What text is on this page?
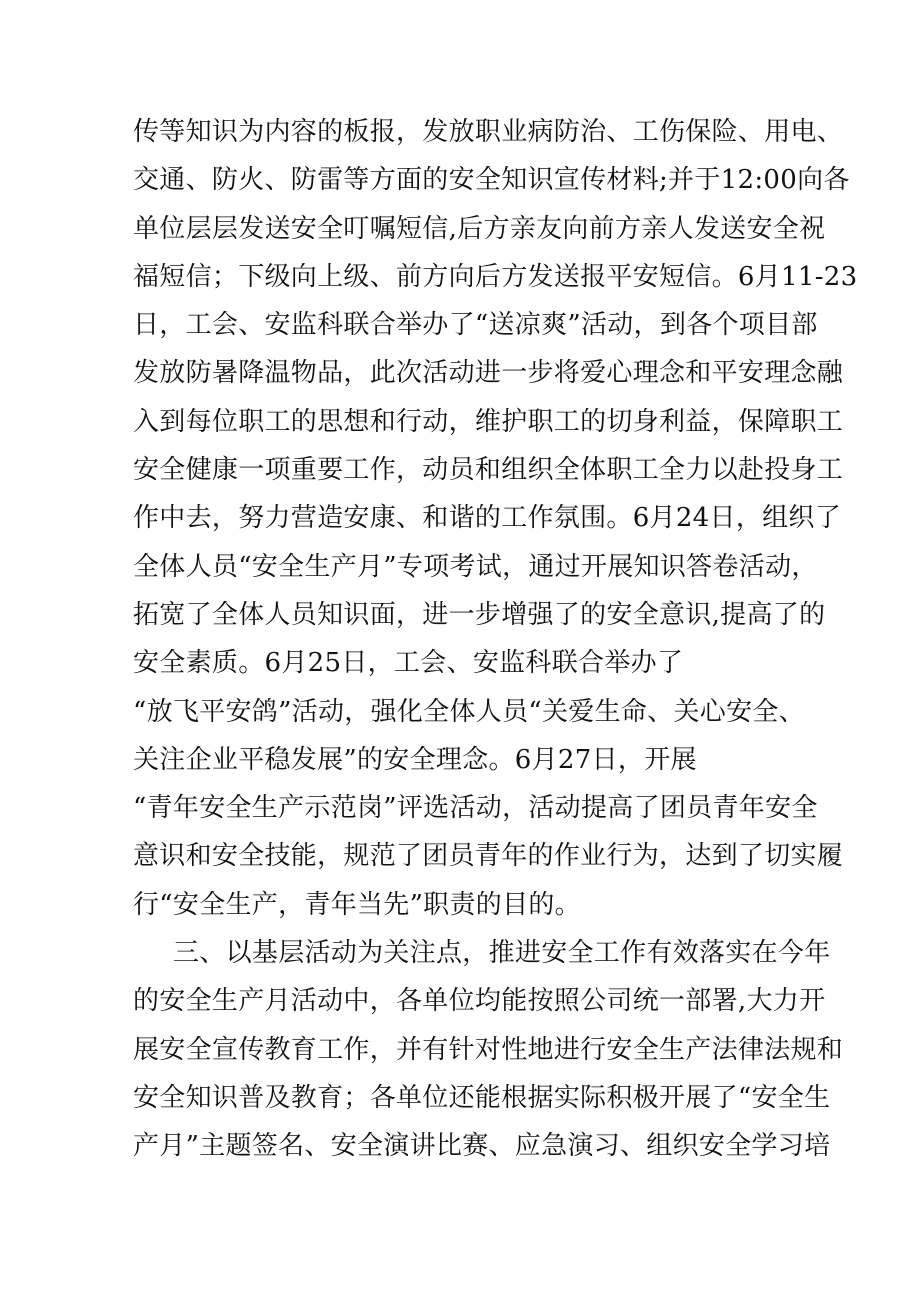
传等知识为内容的板报，发放职业病防治、工伤保险、用电、
交通、防火、防雷等方面的安全知识宣传材料;并于12:00向各
单位层层发送安全叮嘱短信,后方亲友向前方亲人发送安全祝
福短信；下级向上级、前方向后方发送报平安短信。6月11-23
日，工会、安监科联合举办了“送凉爽”活动，到各个项目部
发放防暑降温物品，此次活动进一步将爱心理念和平安理念融
入到每位职工的思想和行动，维护职工的切身利益，保障职工
安全健康一项重要工作，动员和组织全体职工全力以赴投身工
作中去，努力营造安康、和谐的工作氛围。6月24日，组织了
全体人员“安全生产月”专项考试，通过开展知识答卷活动，
拓宽了全体人员知识面，进一步增强了的安全意识,提高了的
安全素质。6月25日，工会、安监科联合举办了
“放飞平安鸽”活动，强化全体人员“关爱生命、关心安全、
关注企业平稳发展”的安全理念。6月27日，开展
“青年安全生产示范岗”评选活动，活动提高了团员青年安全
意识和安全技能，规范了团员青年的作业行为，达到了切实履
行“安全生产，青年当先”职责的目的。
三、以基层活动为关注点，推进安全工作有效落实在今年
的安全生产月活动中，各单位均能按照公司统一部署,大力开
展安全宣传教育工作，并有针对性地进行安全生产法律法规和
安全知识普及教育；各单位还能根据实际积极开展了“安全生
产月”主题签名、安全演讲比赛、应急演习、组织安全学习培
